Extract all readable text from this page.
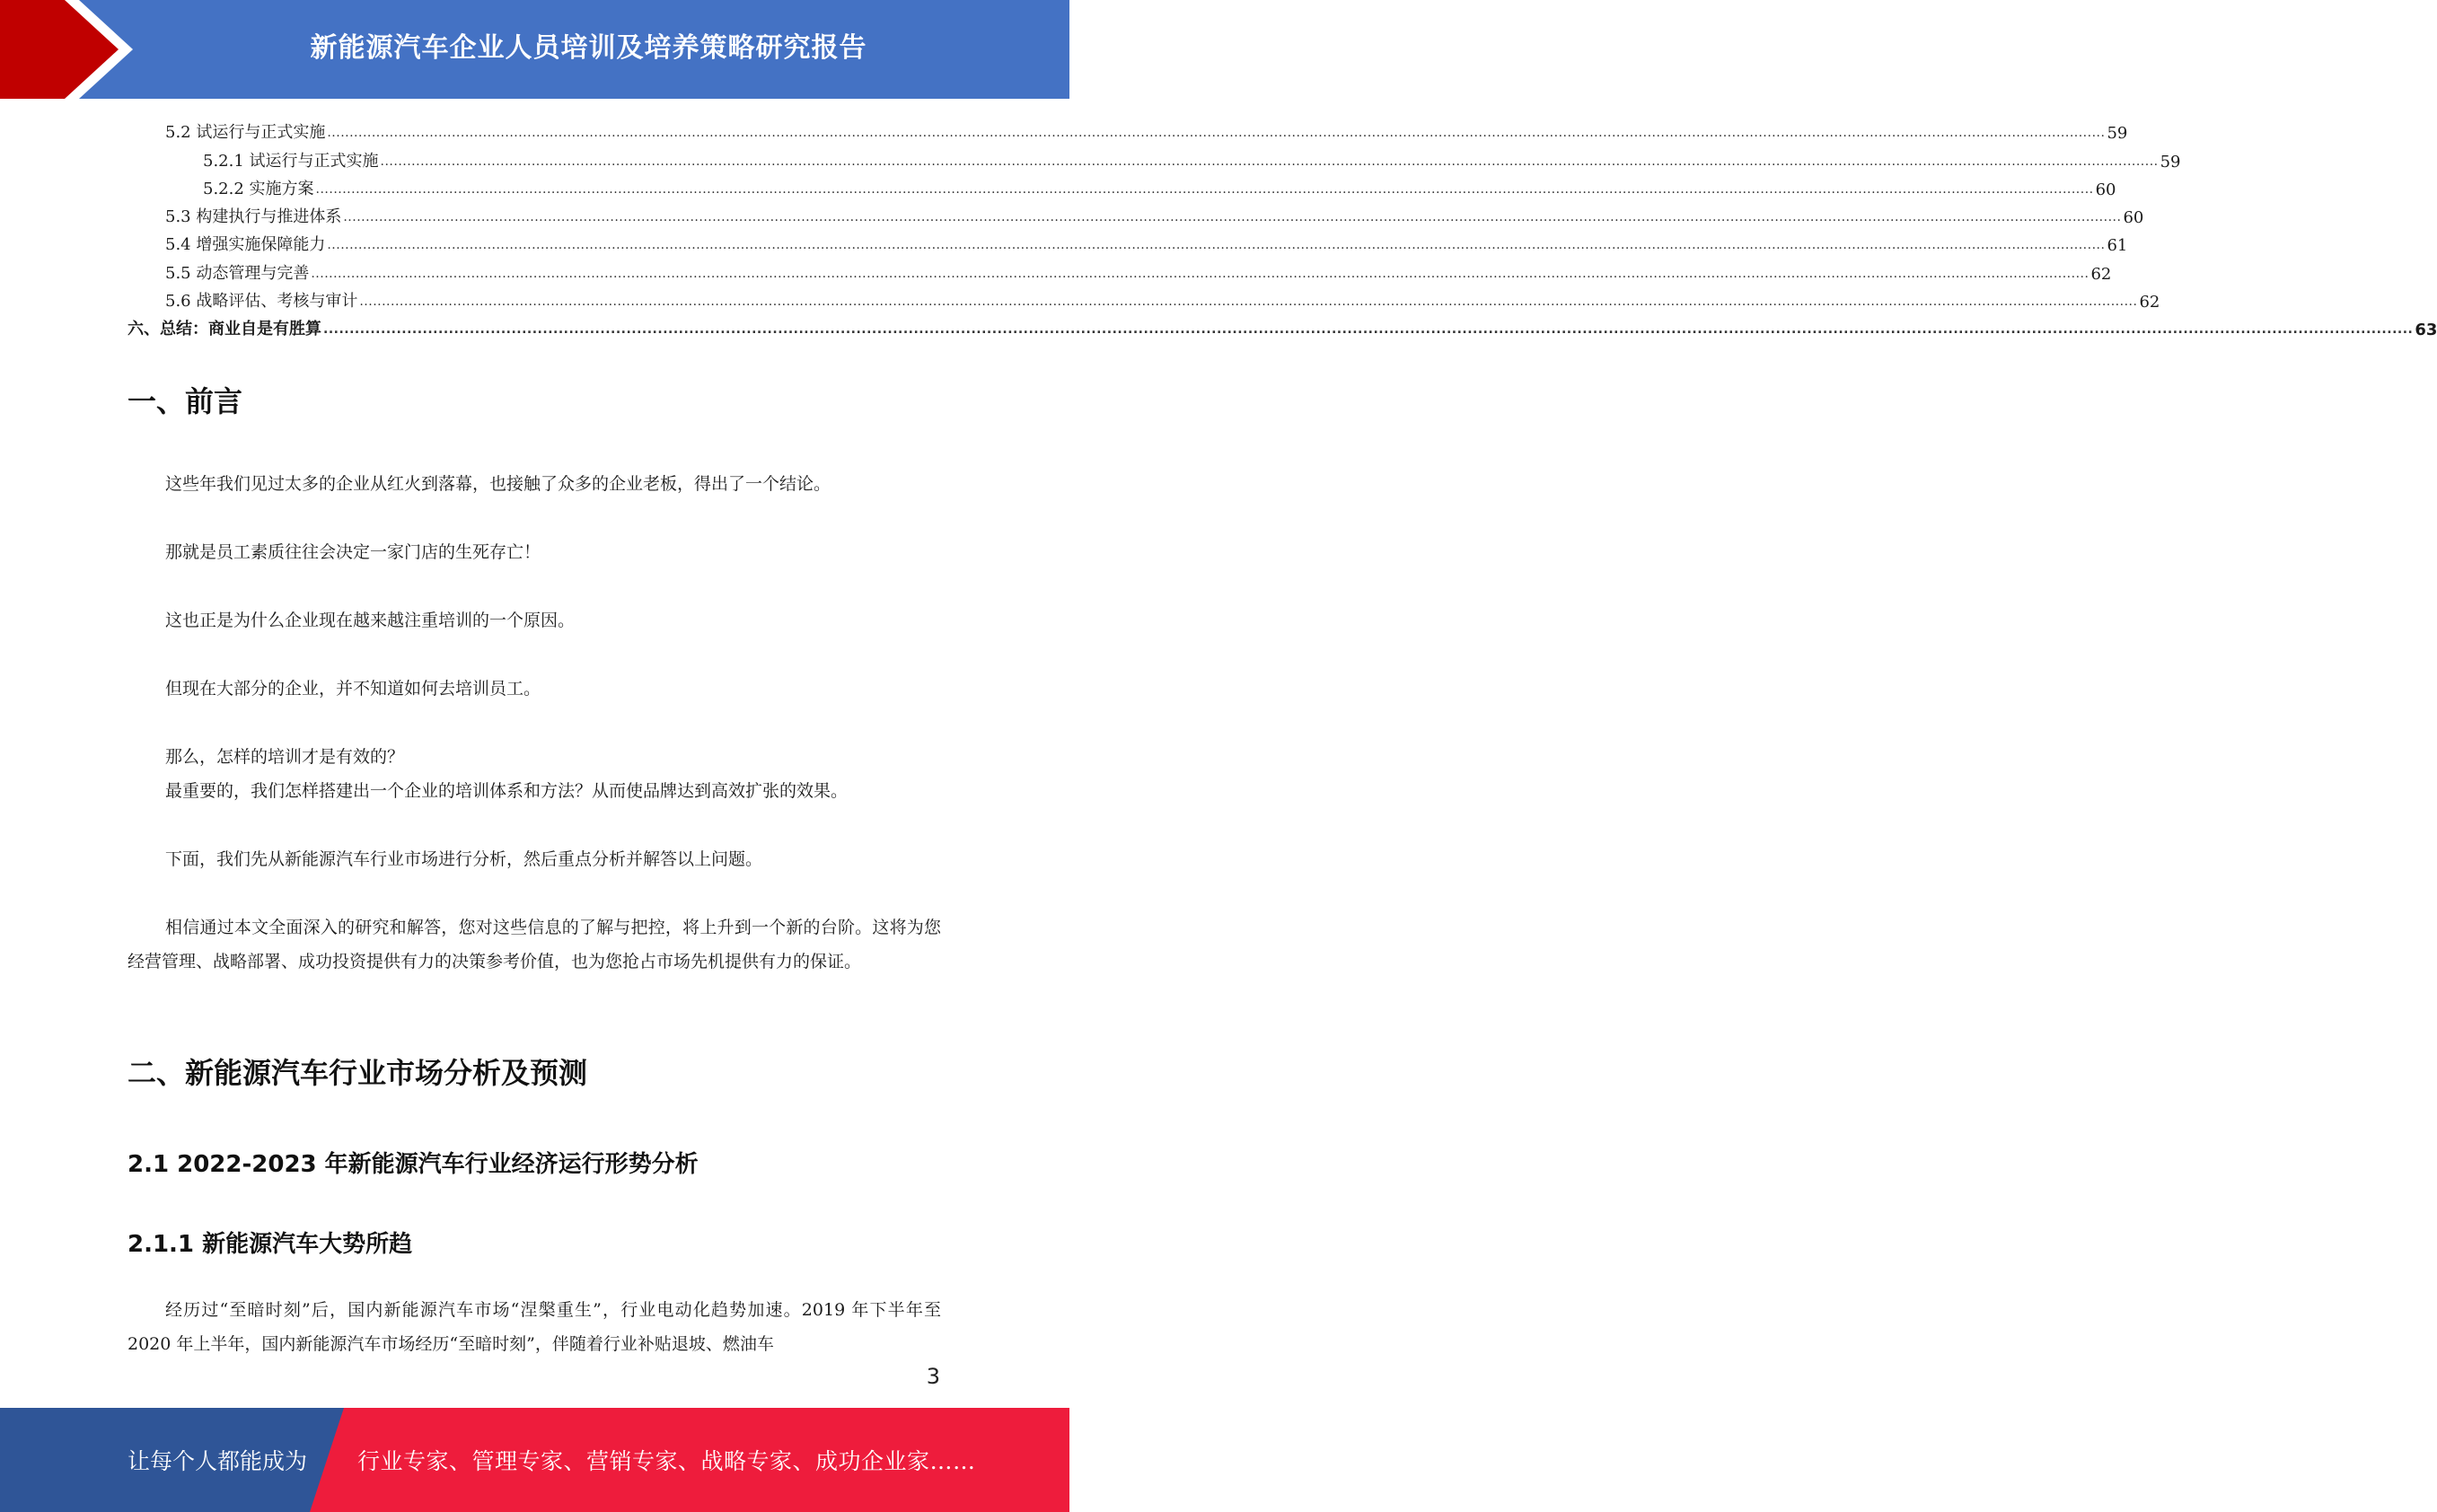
新能源汽车企业人员培训及培养策略研究报告
5.2 试运行与正式实施 ................................................................................................................................................................................................................................................................................................................................................................................................................ 59
5.2.1 试运行与正式实施 ................................................................................................................................................................................................................................................................................................................................................................................................................ 59
5.2.2 实施方案 ................................................................................................................................................................................................................................................................................................................................................................................................................ 60
5.3 构建执行与推进体系 ................................................................................................................................................................................................................................................................................................................................................................................................................ 60
5.4 增强实施保障能力 ................................................................................................................................................................................................................................................................................................................................................................................................................ 61
5.5 动态管理与完善 ................................................................................................................................................................................................................................................................................................................................................................................................................ 62
5.6 战略评估、考核与审计 ................................................................................................................................................................................................................................................................................................................................................................................................................ 62
六、总结：商业自是有胜算 ................................................................................................................................................................................................................................................................................................................................................................................................................ 63
一、前言
这些年我们见过太多的企业从红火到落幕，也接触了众多的企业老板，得出了一个结论。
那就是员工素质往往会决定一家门店的生死存亡！
这也正是为什么企业现在越来越注重培训的一个原因。
但现在大部分的企业，并不知道如何去培训员工。
那么，怎样的培训才是有效的？
最重要的，我们怎样搭建出一个企业的培训体系和方法？从而使品牌达到高效扩张的效果。
下面，我们先从新能源汽车行业市场进行分析，然后重点分析并解答以上问题。
相信通过本文全面深入的研究和解答，您对这些信息的了解与把控，将上升到一个新的台阶。这将为您经营管理、战略部署、成功投资提供有力的决策参考价值，也为您抢占市场先机提供有力的保证。
二、新能源汽车行业市场分析及预测
2.1 2022-2023 年新能源汽车行业经济运行形势分析
2.1.1 新能源汽车大势所趋
经历过“至暗时刻”后，国内新能源汽车市场“涅槃重生”，行业电动化趋势加速。2019 年下半年至 2020 年上半年，国内新能源汽车市场经历“至暗时刻”，伴随着行业补贴退坡、燃油车
3
让每个人都能成为 行业专家、管理专家、营销专家、战略专家、成功企业家……
